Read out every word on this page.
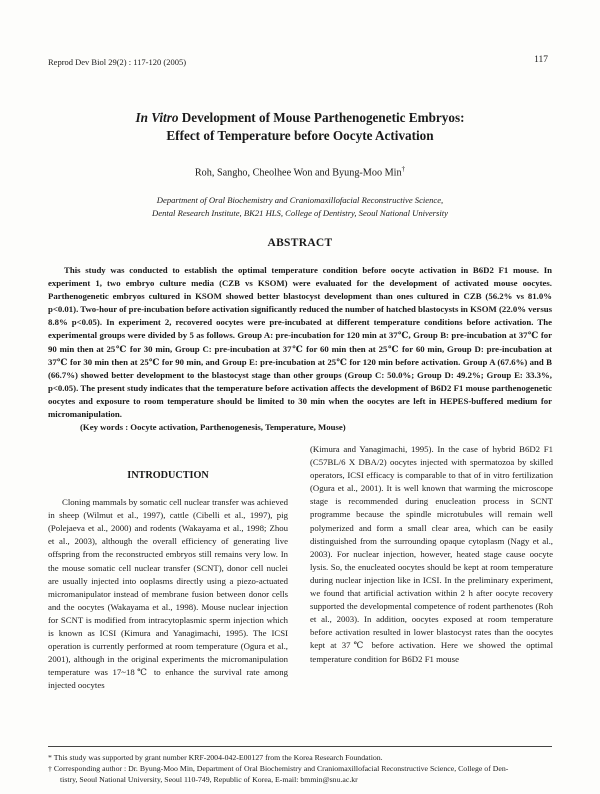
Reprod Dev Biol 29(2) : 117-120 (2005)	117
In Vitro Development of Mouse Parthenogenetic Embryos:
Effect of Temperature before Oocyte Activation
Roh, Sangho, Cheolhee Won and Byung-Moo Min†
Department of Oral Biochemistry and Craniomaxillofacial Reconstructive Science,
Dental Research Institute, BK21 HLS, College of Dentistry, Seoul National University
ABSTRACT

This study was conducted to establish the optimal temperature condition before oocyte activation in B6D2 F1 mouse. In experiment 1, two embryo culture media (CZB vs KSOM) were evaluated for the development of activated mouse oocytes. Parthenogenetic embryos cultured in KSOM showed better blastocyst development than ones cultured in CZB (56.2% vs 81.0% p<0.01). Two-hour of pre-incubation before activation significantly reduced the number of hatched blastocysts in KSOM (22.0% versus 8.8% p<0.05). In experiment 2, recovered oocytes were pre-incubated at different temperature conditions before activation. The experimental groups were divided by 5 as follows. Group A: pre-incubation for 120 min at 37℃, Group B: pre-incubation at 37℃ for 90 min then at 25℃ for 30 min, Group C: pre-incubation at 37℃ for 60 min then at 25℃ for 60 min, Group D: pre-incubation at 37℃ for 30 min then at 25℃ for 90 min, and Group E: pre-incubation at 25℃ for 120 min before activation. Group A (67.6%) and B (66.7%) showed better development to the blastocyst stage than other groups (Group C: 50.0%; Group D: 49.2%; Group E: 33.3%, p<0.05). The present study indicates that the temperature before activation affects the development of B6D2 F1 mouse parthenogenetic oocytes and exposure to room temperature should be limited to 30 min when the oocytes are left in HEPES-buffered medium for micromanipulation.

(Key words : Oocyte activation, Parthenogenesis, Temperature, Mouse)

INTRODUCTION

Cloning mammals by somatic cell nuclear transfer was achieved in sheep (Wilmut et al., 1997), cattle (Cibelli et al., 1997), pig (Polejaeva et al., 2000) and rodents (Wakayama et al., 1998; Zhou et al., 2003), although the overall efficiency of generating live offspring from the reconstructed embryos still remains very low. In the mouse somatic cell nuclear transfer (SCNT), donor cell nuclei are usually injected into ooplasms directly using a piezo-actuated micromanipulator instead of membrane fusion between donor cells and the oocytes (Wakayama et al., 1998). Mouse nuclear injection for SCNT is modified from intracytoplasmic sperm injection which is known as ICSI (Kimura and Yanagimachi, 1995). The ICSI operation is currently performed at room temperature (Ogura et al., 2001), although in the original experiments the micromanipulation temperature was 17~18℃ to enhance the survival rate among injected oocytes

(Kimura and Yanagimachi, 1995). In the case of hybrid B6D2 F1 (C57BL/6 X DBA/2) oocytes injected with spermatozoa by skilled operators, ICSI efficacy is comparable to that of in vitro fertilization (Ogura et al., 2001). It is well known that warming the microscope stage is recommended during enucleation process in SCNT programme because the spindle microtubules will remain well polymerized and form a small clear area, which can be easily distinguished from the surrounding opaque cytoplasm (Nagy et al., 2003). For nuclear injection, however, heated stage cause oocyte lysis. So, the enucleated oocytes should be kept at room temperature during nuclear injection like in ICSI. In the preliminary experiment, we found that artificial activation within 2 h after oocyte recovery supported the developmental competence of rodent parthenotes (Roh et al., 2003). In addition, oocytes exposed at room temperature before activation resulted in lower blastocyst rates than the oocytes kept at 37℃ before activation. Here we showed the optimal temperature condition for B6D2 F1 mouse

* This study was supported by grant number KRF-2004-042-E00127 from the Korea Research Foundation.

† Corresponding author : Dr. Byung-Moo Min, Department of Oral Biochemistry and Craniomaxillofacial Reconstructive Science, College of Den-

tistry, Seoul National University, Seoul 110-749, Republic of Korea, E-mail: bmmin@snu.ac.kr
